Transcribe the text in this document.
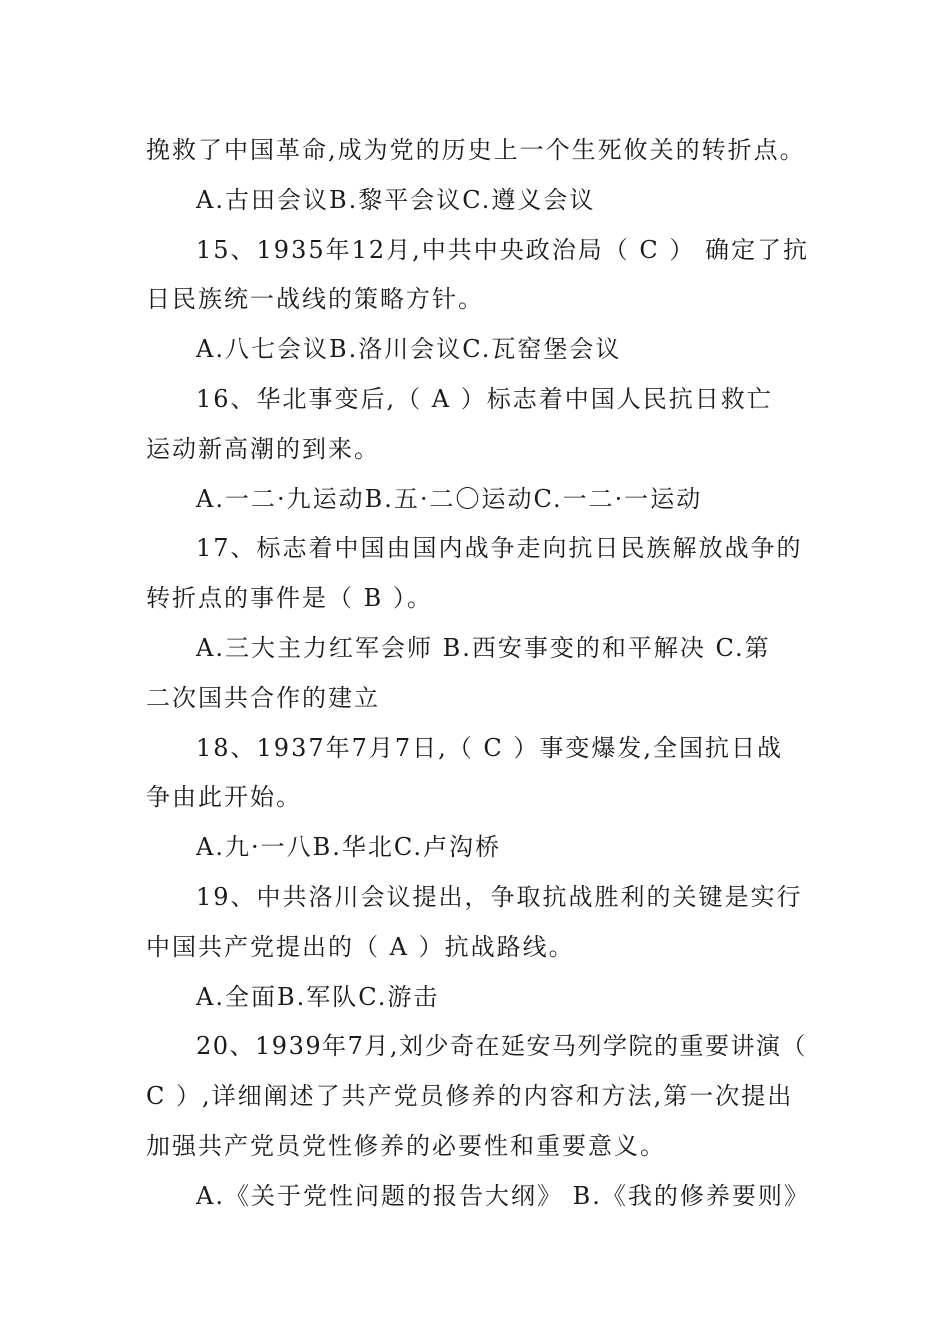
挽救了中国革命,成为党的历史上一个生死攸关的转折点。
A.古田会议B.黎平会议C.遵义会议
15、1935年12月,中共中央政治局（ C ） 确定了抗
日民族统一战线的策略方针。
A.八七会议B.洛川会议C.瓦窑堡会议
16、华北事变后,（ A ）标志着中国人民抗日救亡
运动新高潮的到来。
A.一二·九运动B.五·二〇运动C.一二·一运动
17、标志着中国由国内战争走向抗日民族解放战争的
转折点的事件是（ B ）。
A.三大主力红军会师 B.西安事变的和平解决 C.第
二次国共合作的建立
18、1937年7月7日,（ C ）事变爆发,全国抗日战
争由此开始。
A.九·一八B.华北C.卢沟桥
19、中共洛川会议提出，争取抗战胜利的关键是实行
中国共产党提出的（ A ）抗战路线。
A.全面B.军队C.游击
20、1939年7月,刘少奇在延安马列学院的重要讲演（
C ）,详细阐述了共产党员修养的内容和方法,第一次提出
加强共产党员党性修养的必要性和重要意义。
A.《关于党性问题的报告大纲》 B.《我的修养要则》
